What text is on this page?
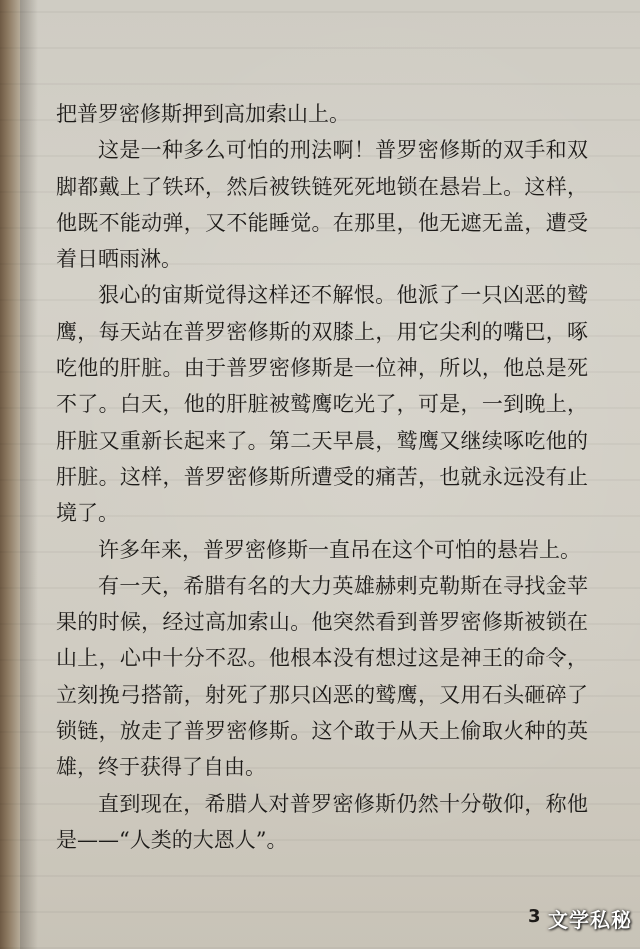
把普罗密修斯押到高加索山上。

这是一种多么可怕的刑法啊！普罗密修斯的双手和双脚都戴上了铁环，然后被铁链死死地锁在悬岩上。这样，他既不能动弹，又不能睡觉。在那里，他无遮无盖，遭受着日晒雨淋。

狠心的宙斯觉得这样还不解恨。他派了一只凶恶的鹫鹰，每天站在普罗密修斯的双膝上，用它尖利的嘴巴，啄吃他的肝脏。由于普罗密修斯是一位神，所以，他总是死不了。白天，他的肝脏被鹫鹰吃光了，可是，一到晚上，肝脏又重新长起来了。第二天早晨，鹫鹰又继续啄吃他的肝脏。这样，普罗密修斯所遭受的痛苦，也就永远没有止境了。

许多年来，普罗密修斯一直吊在这个可怕的悬岩上。

有一天，希腊有名的大力英雄赫剌克勒斯在寻找金苹果的时候，经过高加索山。他突然看到普罗密修斯被锁在山上，心中十分不忍。他根本没有想过这是神王的命令，立刻挽弓搭箭，射死了那只凶恶的鹫鹰，又用石头砸碎了锁链，放走了普罗密修斯。这个敢于从天上偷取火种的英雄，终于获得了自由。

直到现在，希腊人对普罗密修斯仍然十分敬仰，称他是——“人类的大恩人”。

3 文学私秘
